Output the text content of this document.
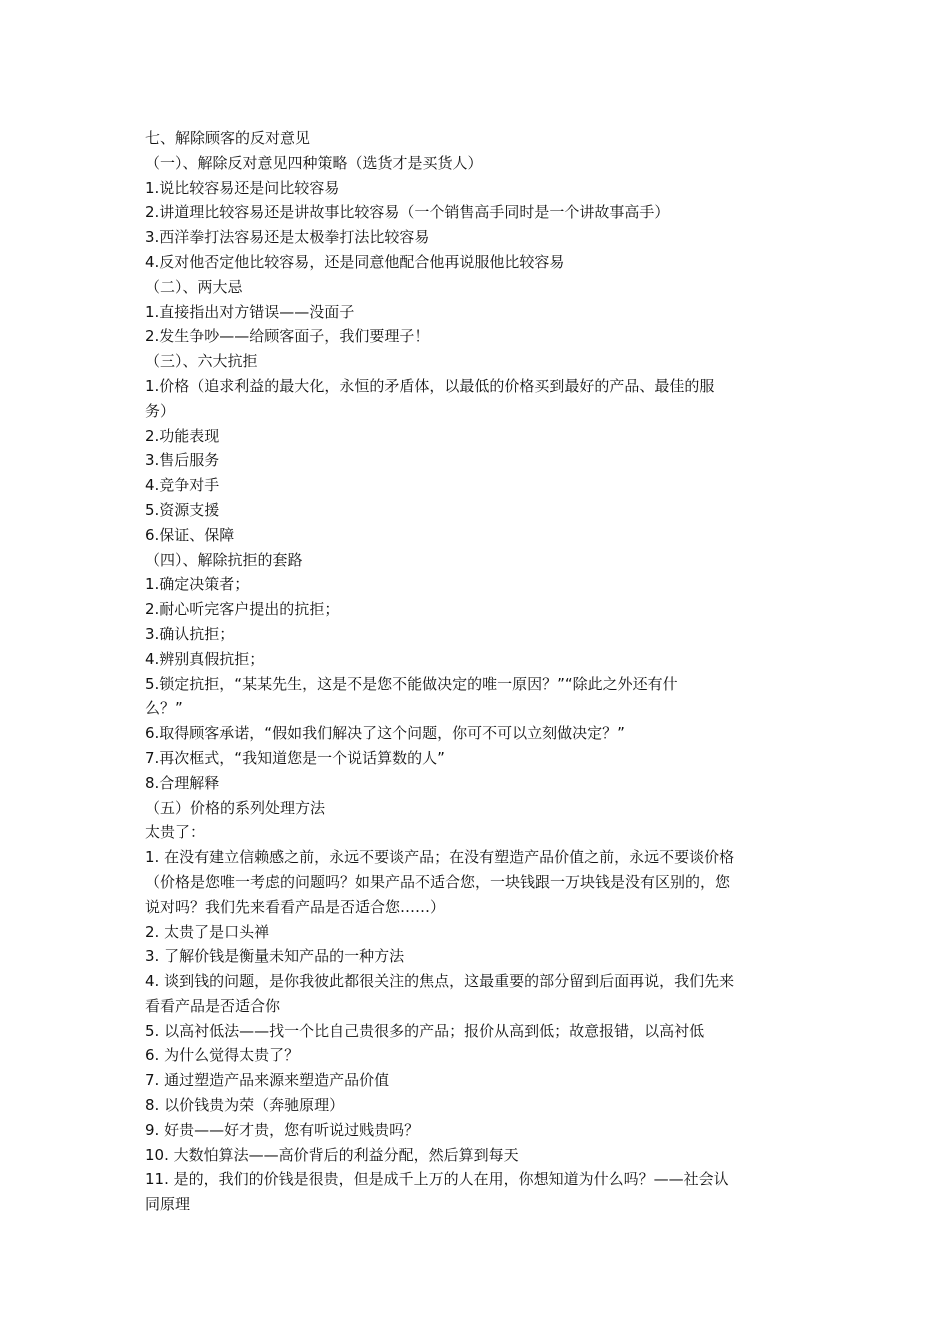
七、解除顾客的反对意见
（一）、解除反对意见四种策略（选货才是买货人）
1.说比较容易还是问比较容易
2.讲道理比较容易还是讲故事比较容易（一个销售高手同时是一个讲故事高手）
3.西洋拳打法容易还是太极拳打法比较容易
4.反对他否定他比较容易，还是同意他配合他再说服他比较容易
（二）、两大忌
1.直接指出对方错误——没面子
2.发生争吵——给顾客面子，我们要理子！
（三）、六大抗拒
1.价格（追求利益的最大化，永恒的矛盾体，以最低的价格买到最好的产品、最佳的服
务）
2.功能表现
3.售后服务
4.竞争对手
5.资源支援
6.保证、保障
（四）、解除抗拒的套路
1.确定决策者；
2.耐心听完客户提出的抗拒；
3.确认抗拒；
4.辨别真假抗拒；
5.锁定抗拒，“某某先生，这是不是您不能做决定的唯一原因？”“除此之外还有什
么？”
6.取得顾客承诺，“假如我们解决了这个问题，你可不可以立刻做决定？”
7.再次框式，“我知道您是一个说话算数的人”
8.合理解释
（五）价格的系列处理方法
太贵了：
1. 在没有建立信赖感之前，永远不要谈产品；在没有塑造产品价值之前，永远不要谈价格
（价格是您唯一考虑的问题吗？如果产品不适合您，一块钱跟一万块钱是没有区别的，您
说对吗？我们先来看看产品是否适合您……）
2. 太贵了是口头禅
3. 了解价钱是衡量未知产品的一种方法
4. 谈到钱的问题，是你我彼此都很关注的焦点，这最重要的部分留到后面再说，我们先来
看看产品是否适合你
5. 以高衬低法——找一个比自己贵很多的产品；报价从高到低；故意报错，以高衬低
6. 为什么觉得太贵了？
7. 通过塑造产品来源来塑造产品价值
8. 以价钱贵为荣（奔驰原理）
9. 好贵——好才贵，您有听说过贱贵吗？
10. 大数怕算法——高价背后的利益分配，然后算到每天
11. 是的，我们的价钱是很贵，但是成千上万的人在用，你想知道为什么吗？——社会认
同原理
